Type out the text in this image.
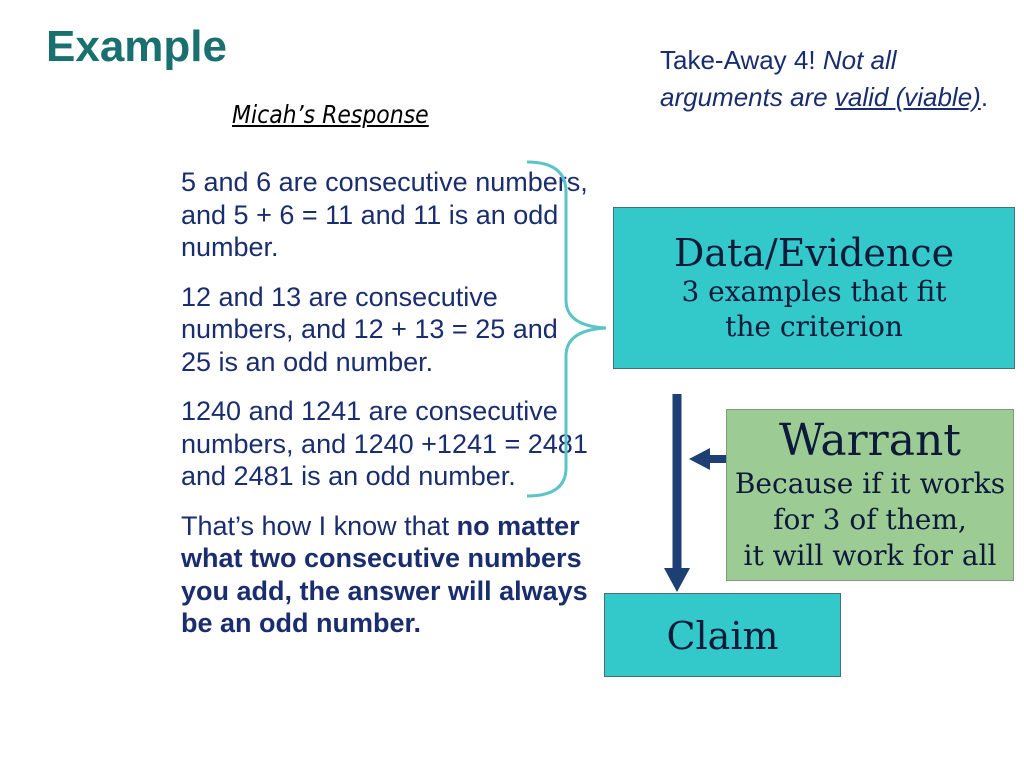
Example
Micah’s Response
Take-Away 4! Not all arguments are valid (viable).

5 and 6 are consecutive numbers, and 5 + 6 = 11 and 11 is an odd number.

12 and 13 are consecutive numbers, and 12 + 13 = 25 and 25 is an odd number.

1240 and 1241 are consecutive numbers, and 1240 +1241 = 2481 and 2481 is an odd number.

That’s how I know that no matter what two consecutive numbers you add, the answer will always be an odd number.

Data/Evidence
3 examples that fit
the criterion
Warrant
Because if it works
for 3 of them,
it will work for all
Claim
